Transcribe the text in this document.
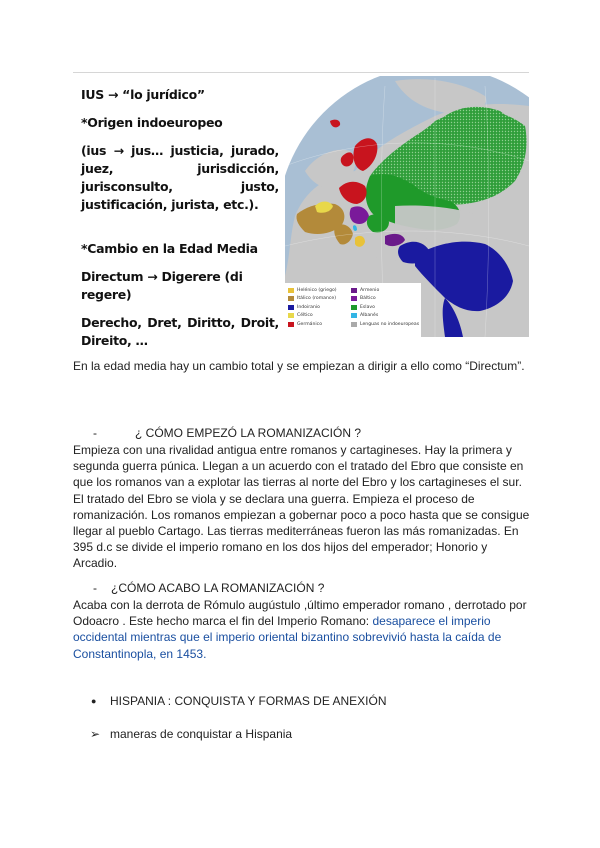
IUS → “lo jurídico”

*Origen indoeuropeo

(ius → jus… justicia, jurado, juez, jurisdicción, jurisconsulto, justo, justificación, jurista, etc.).

*Cambio en la Edad Media

Directum → Digerere (di regere)

Derecho, Dret, Diritto, Droit, Direito, …

Helénico (griego)
Itálico (romance)
Indoiranio
Céltico
Germánico
Armenio
Báltico
Eslavo
Albanés
Lenguas no indoeuropeas
En la edad media hay un cambio total y se empiezan a dirigir a ello como “Directum”.
-	¿ CÓMO EMPEZÓ LA ROMANIZACIÓN ?
Empieza con una rivalidad antigua entre romanos y cartagineses. Hay la primera y segunda guerra púnica. Llegan a un acuerdo con el tratado del Ebro que consiste en que los romanos van a explotar las tierras al norte del Ebro y los cartagineses el sur. El tratado del Ebro se viola y se declara una guerra. Empieza el proceso de romanización. Los romanos empiezan a gobernar poco a poco hasta que se consigue llegar al pueblo Cartago. Las tierras mediterráneas fueron las más romanizadas. En 395 d.c se divide el imperio romano en los dos hijos del emperador; Honorio y Arcadio.
- ¿CÓMO ACABO LA ROMANIZACIÓN ?
Acaba con la derrota de Rómulo augústulo ,último emperador romano , derrotado por Odoacro . Este hecho marca el fin del Imperio Romano: desaparece el imperio occidental mientras que el imperio oriental bizantino sobrevivió hasta la caída de Constantinopla, en 1453.
● HISPANIA : CONQUISTA Y FORMAS DE ANEXIÓN
➢ maneras de conquistar a Hispania
